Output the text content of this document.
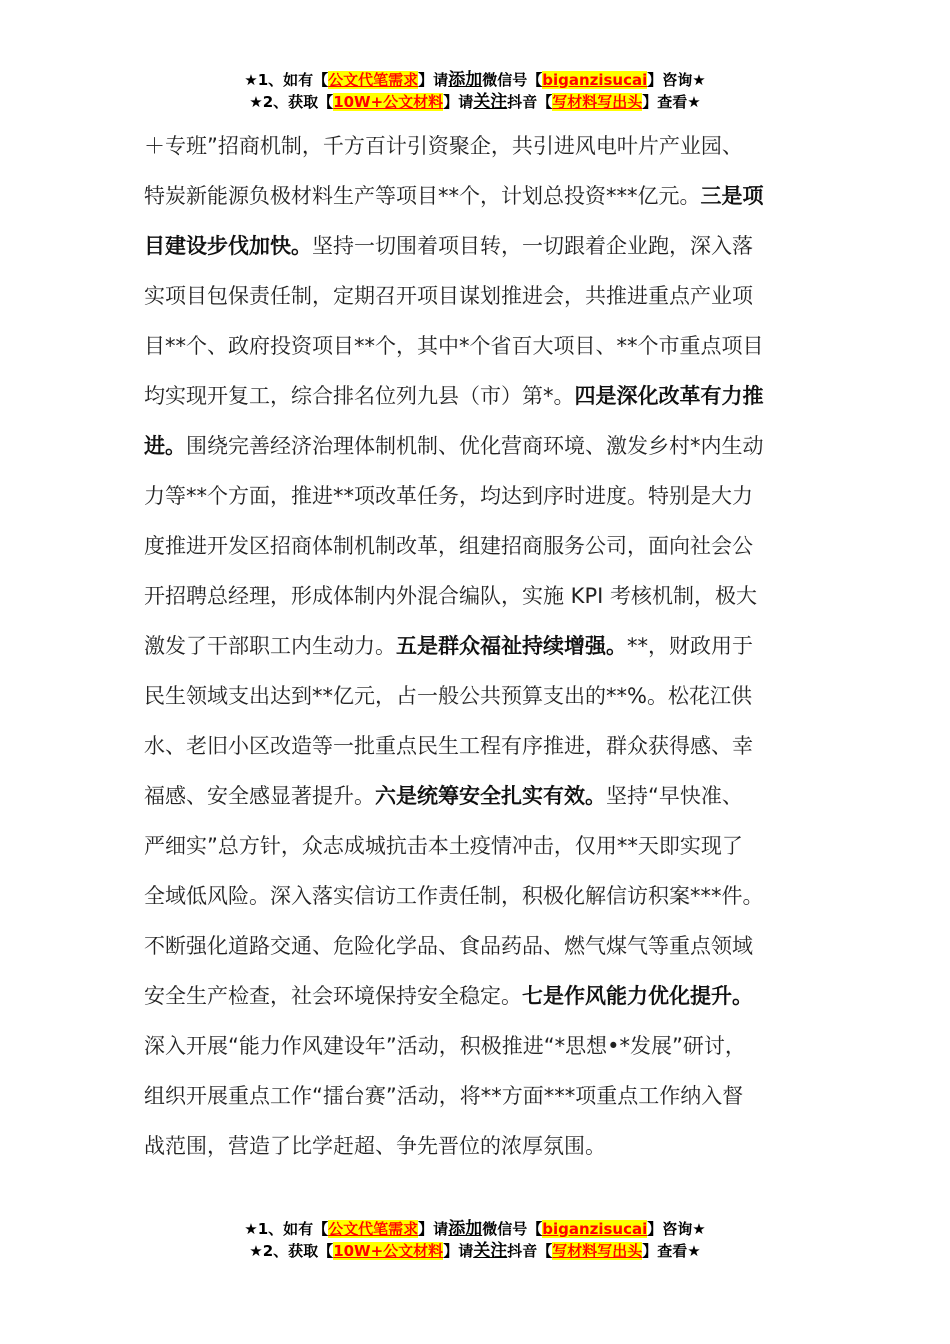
★1、如有【公文代笔需求】请添加微信号【biganzisucai】咨询★
★2、获取【10W+公文材料】请关注抖音【写材料写出头】查看★
＋专班”招商机制，千方百计引资聚企，共引进风电叶片产业园、
特炭新能源负极材料生产等项目**个，计划总投资***亿元。三是项
目建设步伐加快。坚持一切围着项目转，一切跟着企业跑，深入落
实项目包保责任制，定期召开项目谋划推进会，共推进重点产业项
目**个、政府投资项目**个，其中*个省百大项目、**个市重点项目
均实现开复工，综合排名位列九县（市）第*。四是深化改革有力推
进。围绕完善经济治理体制机制、优化营商环境、激发乡村*内生动
力等**个方面，推进**项改革任务，均达到序时进度。特别是大力
度推进开发区招商体制机制改革，组建招商服务公司，面向社会公
开招聘总经理，形成体制内外混合编队，实施 KPI 考核机制，极大
激发了干部职工内生动力。五是群众福祉持续增强。**，财政用于
民生领域支出达到**亿元，占一般公共预算支出的**%。松花江供
水、老旧小区改造等一批重点民生工程有序推进，群众获得感、幸
福感、安全感显著提升。六是统筹安全扎实有效。坚持“早快准、
严细实”总方针，众志成城抗击本土疫情冲击，仅用**天即实现了
全域低风险。深入落实信访工作责任制，积极化解信访积案***件。
不断强化道路交通、危险化学品、食品药品、燃气煤气等重点领域
安全生产检查，社会环境保持安全稳定。七是作风能力优化提升。
深入开展“能力作风建设年”活动，积极推进“*思想•*发展”研讨，
组织开展重点工作“擂台赛”活动，将**方面***项重点工作纳入督
战范围，营造了比学赶超、争先晋位的浓厚氛围。
★1、如有【公文代笔需求】请添加微信号【biganzisucai】咨询★
★2、获取【10W+公文材料】请关注抖音【写材料写出头】查看★
